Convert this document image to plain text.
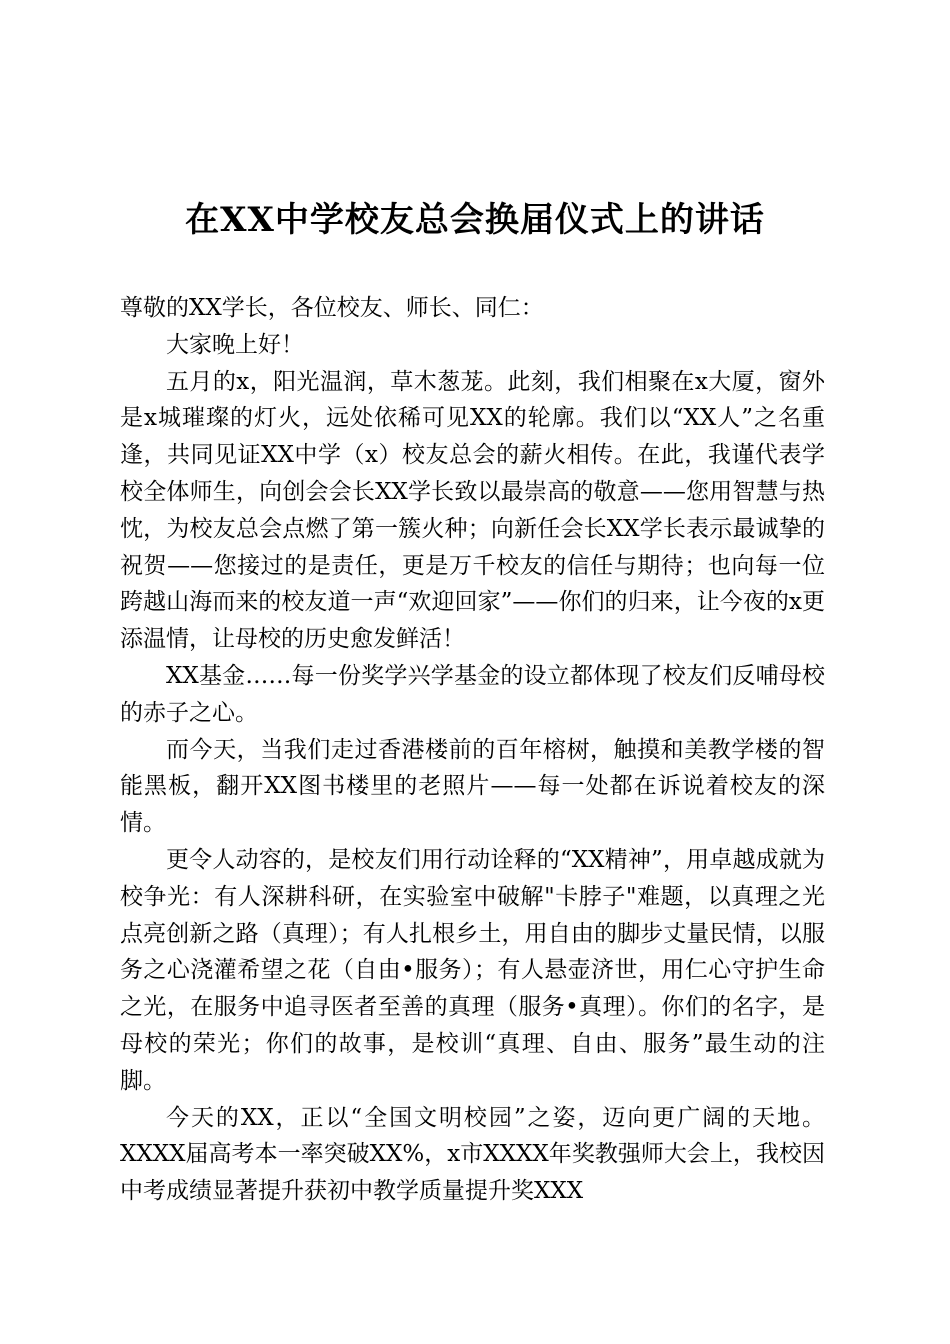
在XX中学校友总会换届仪式上的讲话

尊敬的XX学长，各位校友、师长、同仁：

大家晚上好！

五月的x，阳光温润，草木葱茏。此刻，我们相聚在x大厦，窗外是x城璀璨的灯火，远处依稀可见XX的轮廓。我们以“XX人”之名重逢，共同见证XX中学（x）校友总会的薪火相传。在此，我谨代表学校全体师生，向创会会长XX学长致以最崇高的敬意——您用智慧与热忱，为校友总会点燃了第一簇火种；向新任会长XX学长表示最诚挚的祝贺——您接过的是责任，更是万千校友的信任与期待；也向每一位跨越山海而来的校友道一声“欢迎回家”——你们的归来，让今夜的x更添温情，让母校的历史愈发鲜活！

XX基金……每一份奖学兴学基金的设立都体现了校友们反哺母校的赤子之心。

而今天，当我们走过香港楼前的百年榕树，触摸和美教学楼的智能黑板，翻开XX图书楼里的老照片——每一处都在诉说着校友的深情。

更令人动容的，是校友们用行动诠释的“XX精神”，用卓越成就为校争光：有人深耕科研，在实验室中破解"卡脖子"难题，以真理之光点亮创新之路（真理）；有人扎根乡土，用自由的脚步丈量民情，以服务之心浇灌希望之花（自由•服务）；有人悬壶济世，用仁心守护生命之光，在服务中追寻医者至善的真理（服务•真理）。你们的名字，是母校的荣光；你们的故事，是校训“真理、自由、服务”最生动的注脚。

今天的XX，正以“全国文明校园”之姿，迈向更广阔的天地。XXXX届高考本一率突破XX%，x市XXXX年奖教强师大会上，我校因中考成绩显著提升获初中教学质量提升奖XXX
